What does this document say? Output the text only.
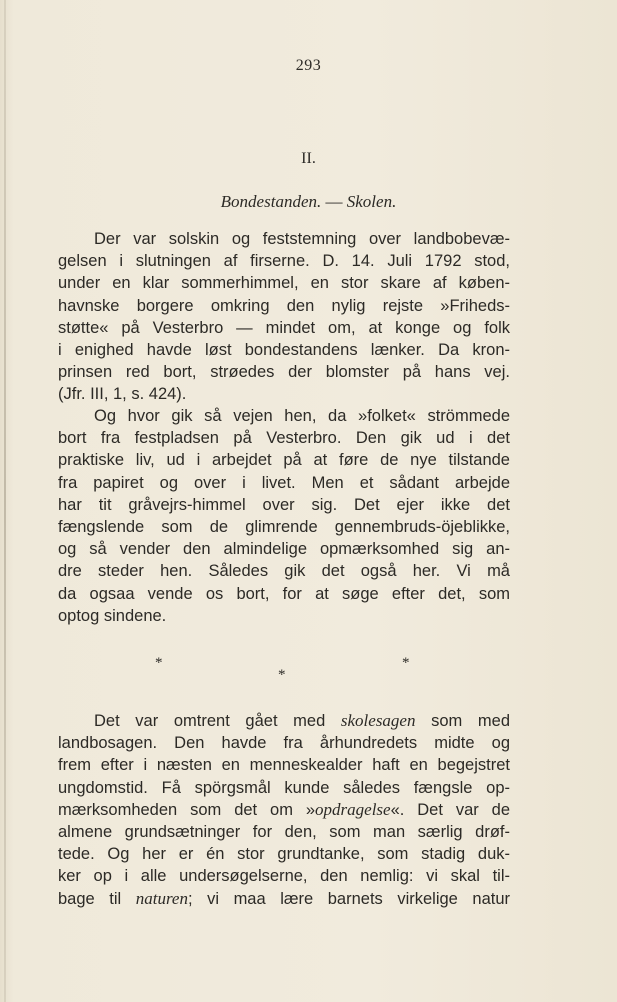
293
II.
Bondestanden. — Skolen.
Der var solskin og feststemning over landbobevæ-
gelsen i slutningen af firserne. D. 14. Juli 1792 stod,
under en klar sommerhimmel, en stor skare af køben-
havnske borgere omkring den nylig rejste »Friheds-
støtte« på Vesterbro — mindet om, at konge og folk
i enighed havde løst bondestandens lænker. Da kron-
prinsen red bort, strøedes der blomster på hans vej.
(Jfr. III, 1, s. 424).
Og hvor gik så vejen hen, da »folket« strömmede
bort fra festpladsen på Vesterbro. Den gik ud i det
praktiske liv, ud i arbejdet på at føre de nye tilstande
fra papiret og over i livet. Men et sådant arbejde
har tit gråvejrs-himmel over sig. Det ejer ikke det
fængslende som de glimrende gennembruds-öjeblikke,
og så vender den almindelige opmærksomhed sig an-
dre steder hen. Således gik det også her. Vi må
da ogsaa vende os bort, for at søge efter det, som
optog sindene.
*
*
*
Det var omtrent gået med skolesagen som med
landbosagen. Den havde fra århundredets midte og
frem efter i næsten en menneskealder haft en begejstret
ungdomstid. Få spörgsmål kunde således fængsle op-
mærksomheden som det om »opdragelse«. Det var de
almene grundsætninger for den, som man særlig drøf-
tede. Og her er én stor grundtanke, som stadig duk-
ker op i alle undersøgelserne, den nemlig: vi skal til-
bage til naturen; vi maa lære barnets virkelige natur
